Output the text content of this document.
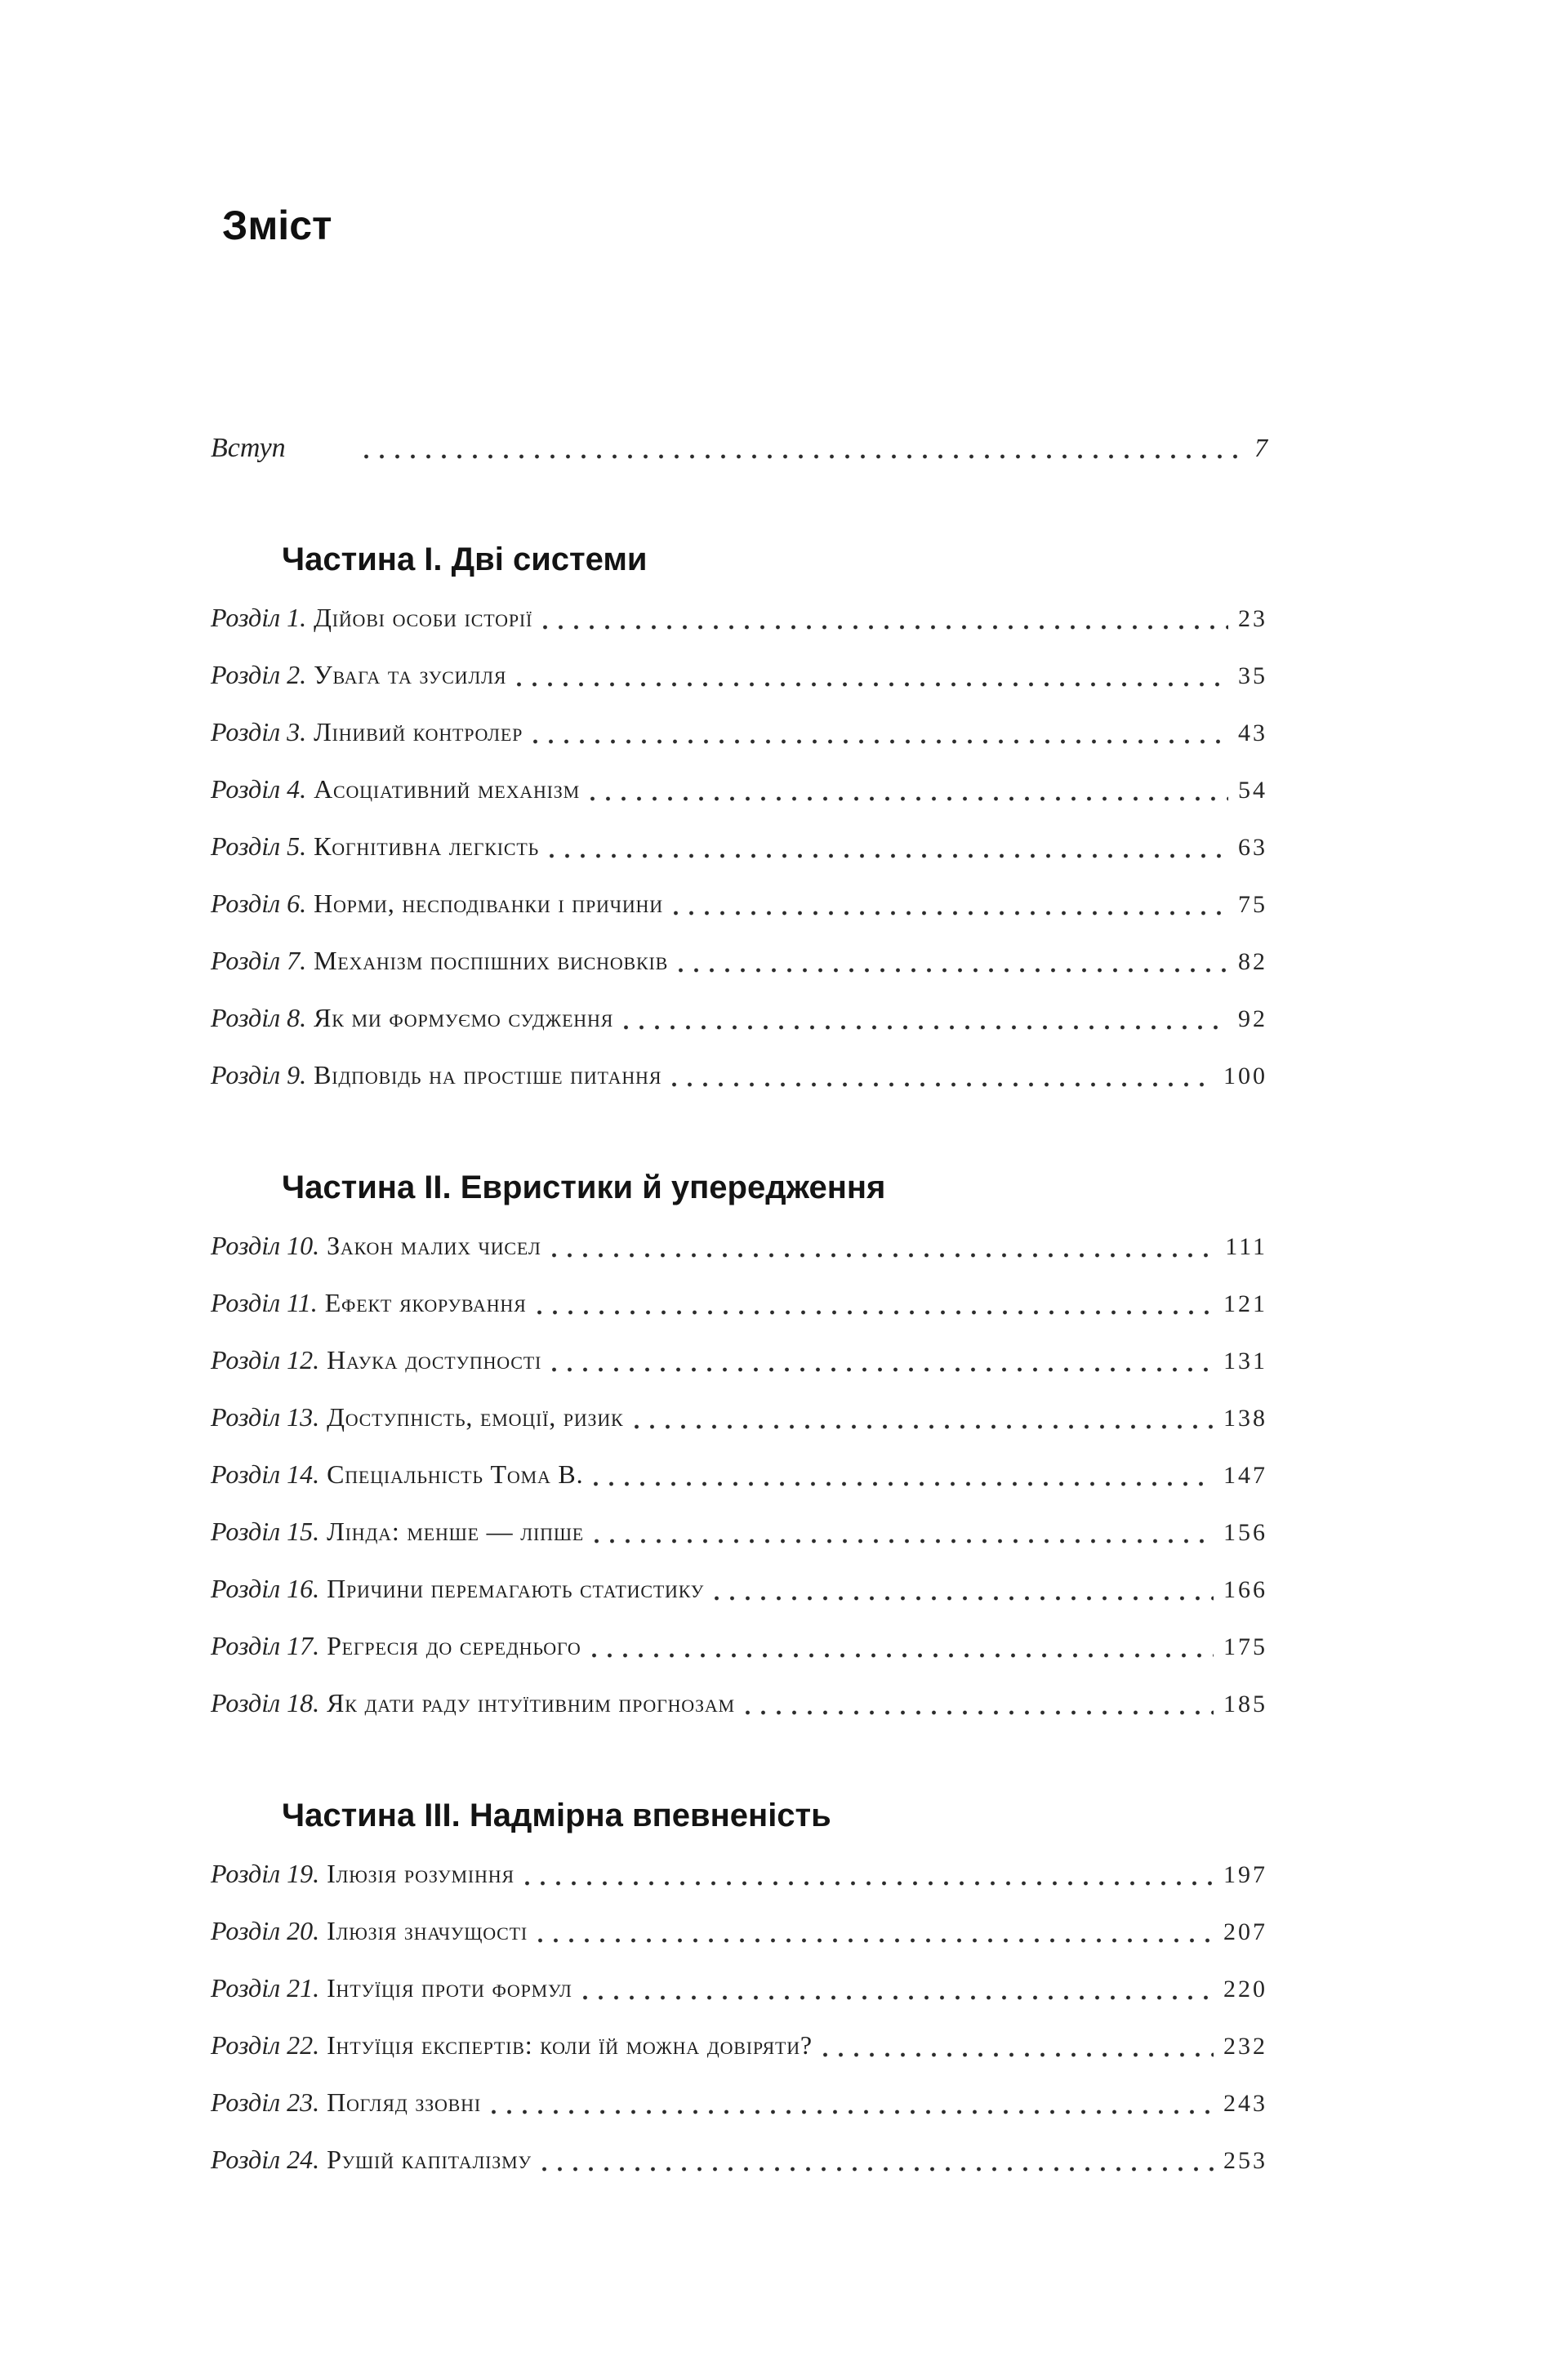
Зміст
Вступ	7
Частина І. Дві системи
Розділ 1. Дійові особи історії	23
Розділ 2. Увага та зусилля	35
Розділ 3. Лінивий контролер	43
Розділ 4. Асоціативний механізм	54
Розділ 5. Когнітивна легкість	63
Розділ 6. Норми, несподіванки і причини	75
Розділ 7. Механізм поспішних висновків	82
Розділ 8. Як ми формуємо судження	92
Розділ 9. Відповідь на простіше питання	100
Частина ІІ. Евристики й упередження
Розділ 10. Закон малих чисел	111
Розділ 11. Ефект якорування	121
Розділ 12. Наука доступності	131
Розділ 13. Доступність, емоції, ризик	138
Розділ 14. Спеціальність Тома В.	147
Розділ 15. Лінда: менше — ліпше	156
Розділ 16. Причини перемагають статистику	166
Розділ 17. Регресія до середнього	175
Розділ 18. Як дати раду інтуїтивним прогнозам	185
Частина ІІІ. Надмірна впевненість
Розділ 19. Ілюзія розуміння	197
Розділ 20. Ілюзія значущості	207
Розділ 21. Інтуїція проти формул	220
Розділ 22. Інтуїція експертів: коли їй можна довіряти?	232
Розділ 23. Погляд ззовні	243
Розділ 24. Рушій капіталізму	253
